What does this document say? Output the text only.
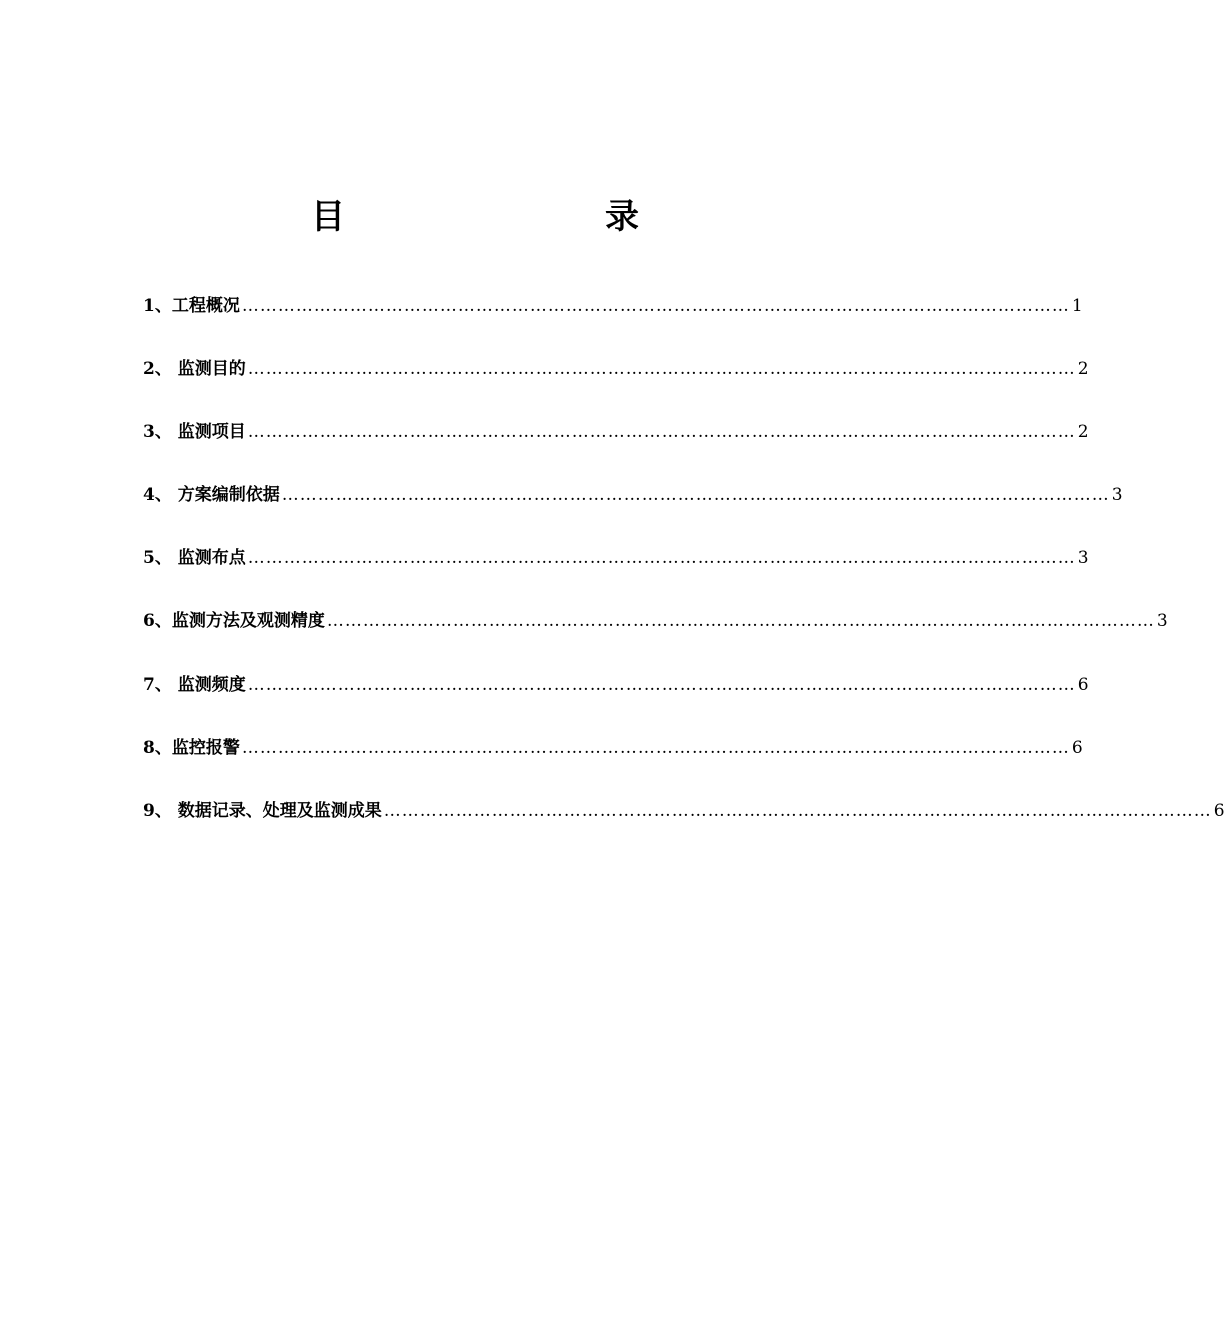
目　　录
1、工程概况 ………………………………………………………………………………………………………………………… 1
2、 监测目的 ………………………………………………………………………………………………………………………… 2
3、 监测项目 ………………………………………………………………………………………………………………………… 2
4、 方案编制依据 ………………………………………………………………………………………………………………………… 3
5、 监测布点 ………………………………………………………………………………………………………………………… 3
6、监测方法及观测精度 ………………………………………………………………………………………………………………………… 3
7、 监测频度 ………………………………………………………………………………………………………………………… 6
8、监控报警 ………………………………………………………………………………………………………………………… 6
9、 数据记录、处理及监测成果 ………………………………………………………………………………………………………………………… 6
